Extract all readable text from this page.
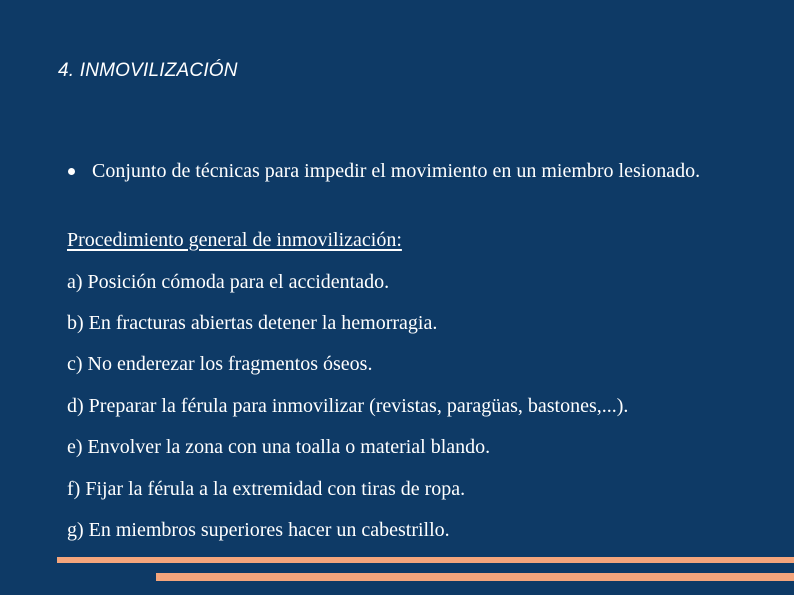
4. INMOVILIZACIÓN
Conjunto de técnicas para impedir el movimiento en un miembro lesionado.
Procedimiento general de inmovilización:
a) Posición cómoda para el accidentado.
b) En fracturas abiertas detener la hemorragia.
c) No enderezar los fragmentos óseos.
d) Preparar la férula para inmovilizar (revistas, paragüas, bastones,...).
e) Envolver la zona con una toalla o material blando.
f) Fijar la férula a la extremidad con tiras de ropa.
g) En miembros superiores hacer un cabestrillo.
